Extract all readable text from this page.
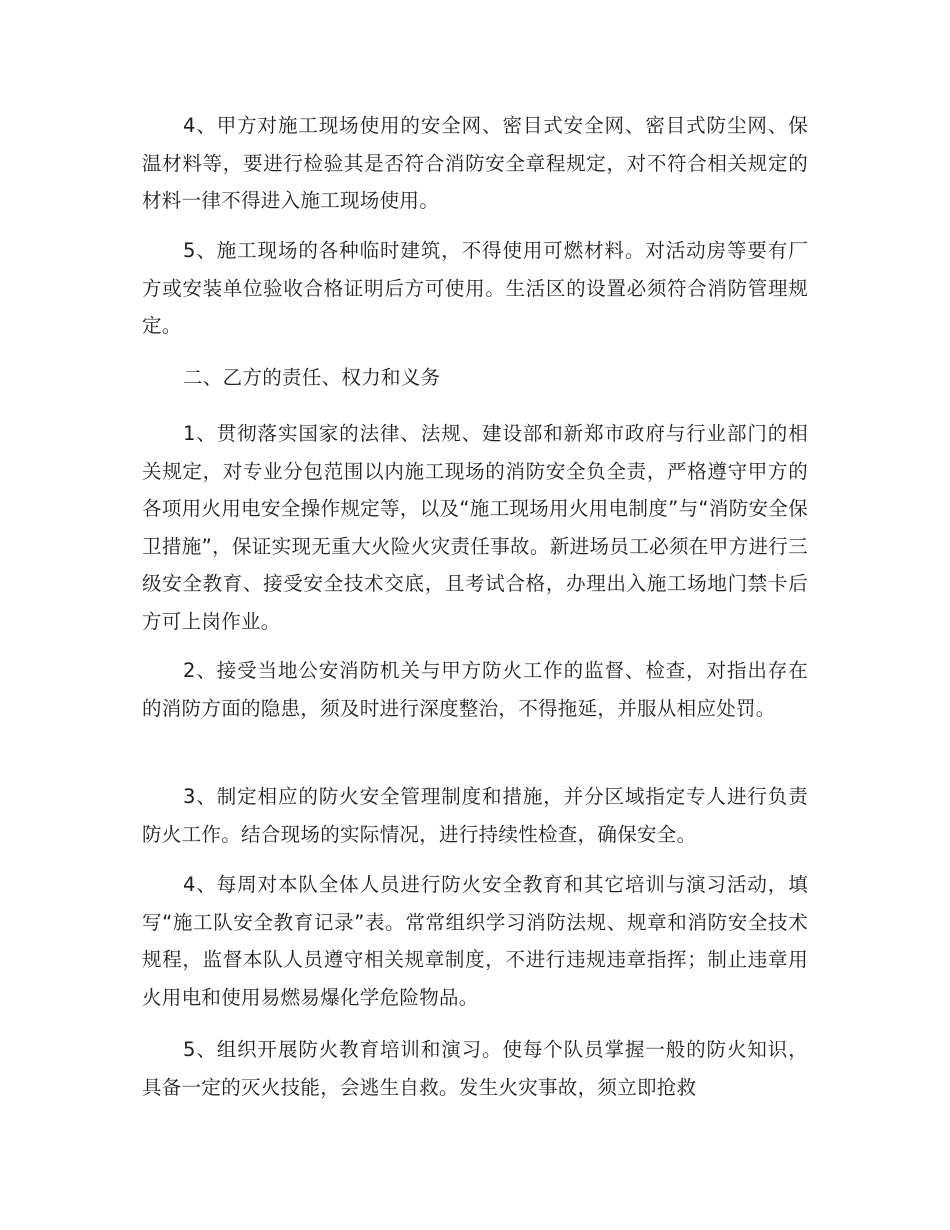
4、甲方对施工现场使用的安全网、密目式安全网、密目式防尘网、保温材料等，要进行检验其是否符合消防安全章程规定，对不符合相关规定的材料一律不得进入施工现场使用。

5、施工现场的各种临时建筑，不得使用可燃材料。对活动房等要有厂方或安装单位验收合格证明后方可使用。生活区的设置必须符合消防管理规定。

二、乙方的责任、权力和义务

1、贯彻落实国家的法律、法规、建设部和新郑市政府与行业部门的相关规定，对专业分包范围以内施工现场的消防安全负全责，严格遵守甲方的各项用火用电安全操作规定等，以及“施工现场用火用电制度”与“消防安全保卫措施”，保证实现无重大火险火灾责任事故。新进场员工必须在甲方进行三级安全教育、接受安全技术交底，且考试合格，办理出入施工场地门禁卡后方可上岗作业。

2、接受当地公安消防机关与甲方防火工作的监督、检查，对指出存在的消防方面的隐患，须及时进行深度整治，不得拖延，并服从相应处罚。

3、制定相应的防火安全管理制度和措施，并分区域指定专人进行负责防火工作。结合现场的实际情况，进行持续性检查，确保安全。

4、每周对本队全体人员进行防火安全教育和其它培训与演习活动，填写“施工队安全教育记录”表。常常组织学习消防法规、规章和消防安全技术规程，监督本队人员遵守相关规章制度，不进行违规违章指挥；制止违章用火用电和使用易燃易爆化学危险物品。

5、组织开展防火教育培训和演习。使每个队员掌握一般的防火知识，具备一定的灭火技能，会逃生自救。发生火灾事故，须立即抢救
